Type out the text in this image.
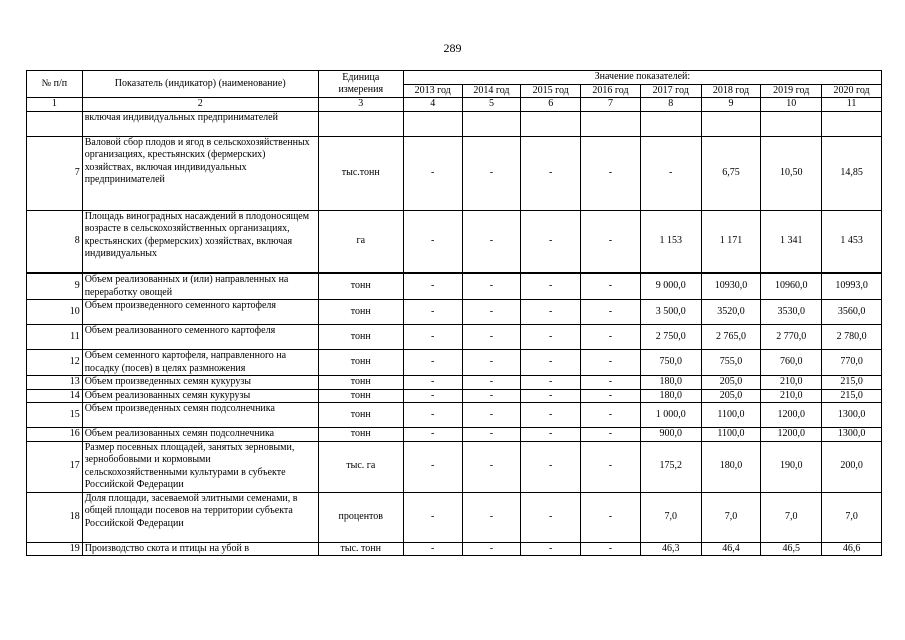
289
№ п/п	Показатель (индикатор) (наименование)	Единица измерения	Значение показателей:							
			2013 год	2014 год	2015 год	2016 год	2017 год	2018 год	2019 год	2020 год
1	2	3	4	5	6	7	8	9	10	11
	включая индивидуальных предпринимателей									
7	Валовой сбор плодов и ягод в сельскохозяйственных организациях, крестьянских (фермерских) хозяйствах, включая индивидуальных предпринимателей	тыс.тонн	-	-	-	-	-	6,75	10,50	14,85
8	Площадь виноградных насаждений в плодоносящем возрасте в сельскохозяйственных организациях, крестьянских (фермерских) хозяйствах, включая индивидуальных	га	-	-	-	-	1 153	1 171	1 341	1 453
9	Объем реализованных и (или) направленных на переработку овощей	тонн	-	-	-	-	9 000,0	10930,0	10960,0	10993,0
10	Объем произведенного семенного картофеля	тонн	-	-	-	-	3 500,0	3520,0	3530,0	3560,0
11	Объем реализованного семенного картофеля	тонн	-	-	-	-	2 750,0	2 765,0	2 770,0	2 780,0
12	Объем семенного картофеля, направленного на посадку (посев) в целях размножения	тонн	-	-	-	-	750,0	755,0	760,0	770,0
13	Объем произведенных семян кукурузы	тонн	-	-	-	-	180,0	205,0	210,0	215,0
14	Объем реализованных семян кукурузы	тонн	-	-	-	-	180,0	205,0	210,0	215,0
15	Объем произведенных семян подсолнечника	тонн	-	-	-	-	1 000,0	1100,0	1200,0	1300,0
16	Объем реализованных семян подсолнечника	тонн	-	-	-	-	900,0	1100,0	1200,0	1300,0
17	Размер посевных площадей, занятых зерновыми, зернобобовыми и кормовыми сельскохозяйственными культурами в субъекте Российской Федерации	тыс. га	-	-	-	-	175,2	180,0	190,0	200,0
18	Доля площади, засеваемой элитными семенами, в общей площади посевов на территории субъекта Российской Федерации	процентов	-	-	-	-	7,0	7,0	7,0	7,0
19	Производство скота и птицы на убой в	тыс. тонн	-	-	-	-	46,3	46,4	46,5	46,6
